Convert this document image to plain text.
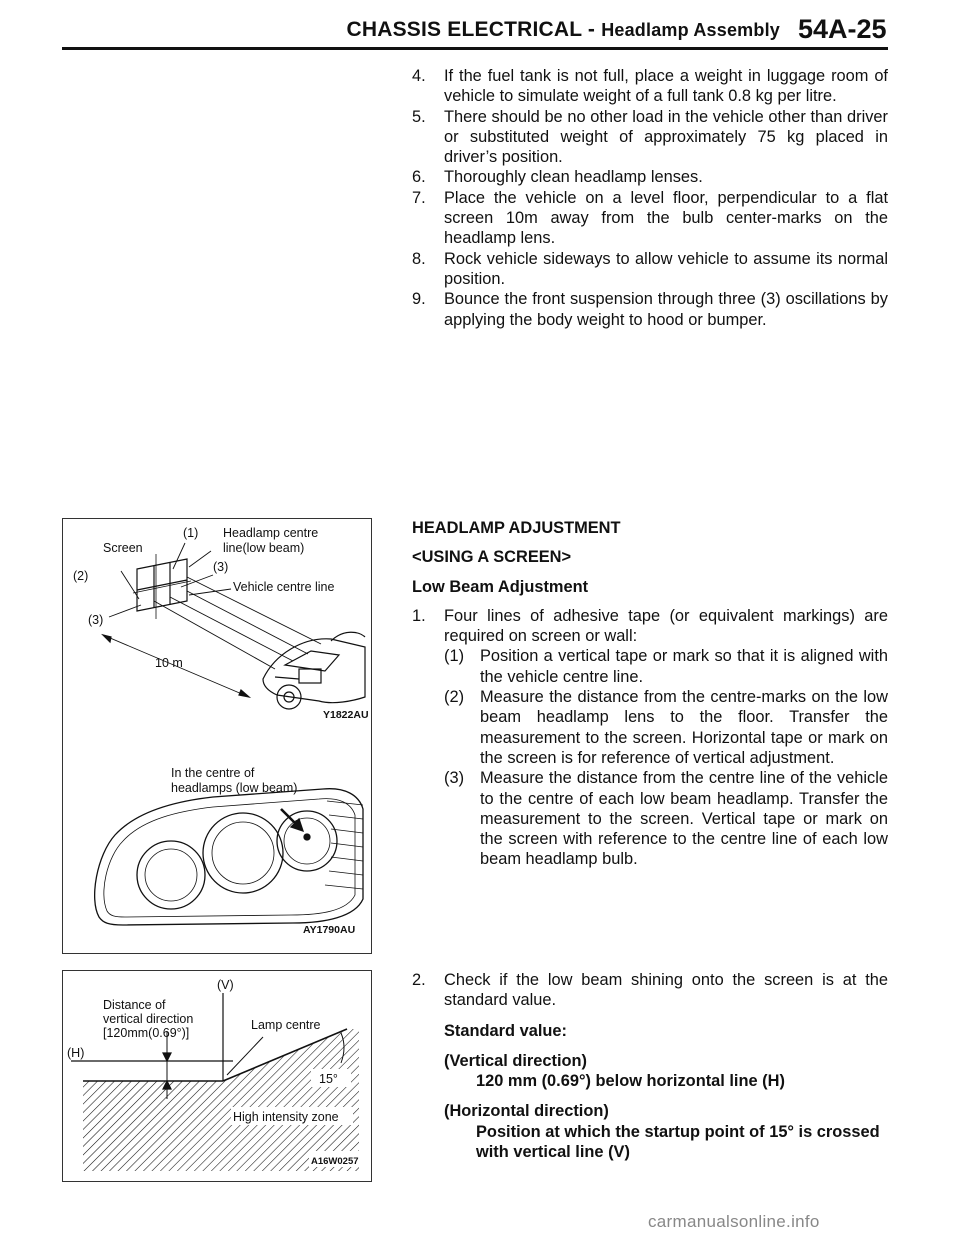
CHASSIS ELECTRICAL - Headlamp Assembly 54A-25
4. If the fuel tank is not full, place a weight in luggage room of vehicle to simulate weight of a full tank 0.8 kg per litre.
5. There should be no other load in the vehicle other than driver or substituted weight of approximately 75 kg placed in driver’s position.
6. Thoroughly clean headlamp lenses.
7. Place the vehicle on a level floor, perpendicular to a flat screen 10m away from the bulb center-marks on the headlamp lens.
8. Rock vehicle sideways to allow vehicle to assume its normal position.
9. Bounce the front suspension through three (3) oscillations by applying the body weight to hood or bumper.
(1) Headlamp centre
line(low beam)
Screen
(2)
(3)
Vehicle centre line
(3)
10 m
Y1822AU
In the centre of
headlamps (low beam)
AY1790AU
HEADLAMP ADJUSTMENT
<USING A SCREEN>
Low Beam Adjustment
1. Four lines of adhesive tape (or equivalent markings) are required on screen or wall:
(1) Position a vertical tape or mark so that it is aligned with the vehicle centre line.
(2) Measure the distance from the centre-marks on the low beam headlamp lens to the floor. Transfer the measurement to the screen. Horizontal tape or mark on the screen is for reference of vertical adjustment.
(3) Measure the distance from the centre line of the vehicle to the centre of each low beam headlamp. Transfer the measurement to the screen. Vertical tape or mark on the screen with reference to the centre line of each low beam headlamp bulb.
(V)
Distance of
vertical direction
[120mm(0.69°)]
Lamp centre
(H)
15°
High intensity zone
A16W0257
2. Check if the low beam shining onto the screen is at the standard value.
Standard value:
(Vertical direction)
120 mm (0.69°) below horizontal line (H)
(Horizontal direction)
Position at which the startup point of 15° is crossed with vertical line (V)
carmanualsonline.info
